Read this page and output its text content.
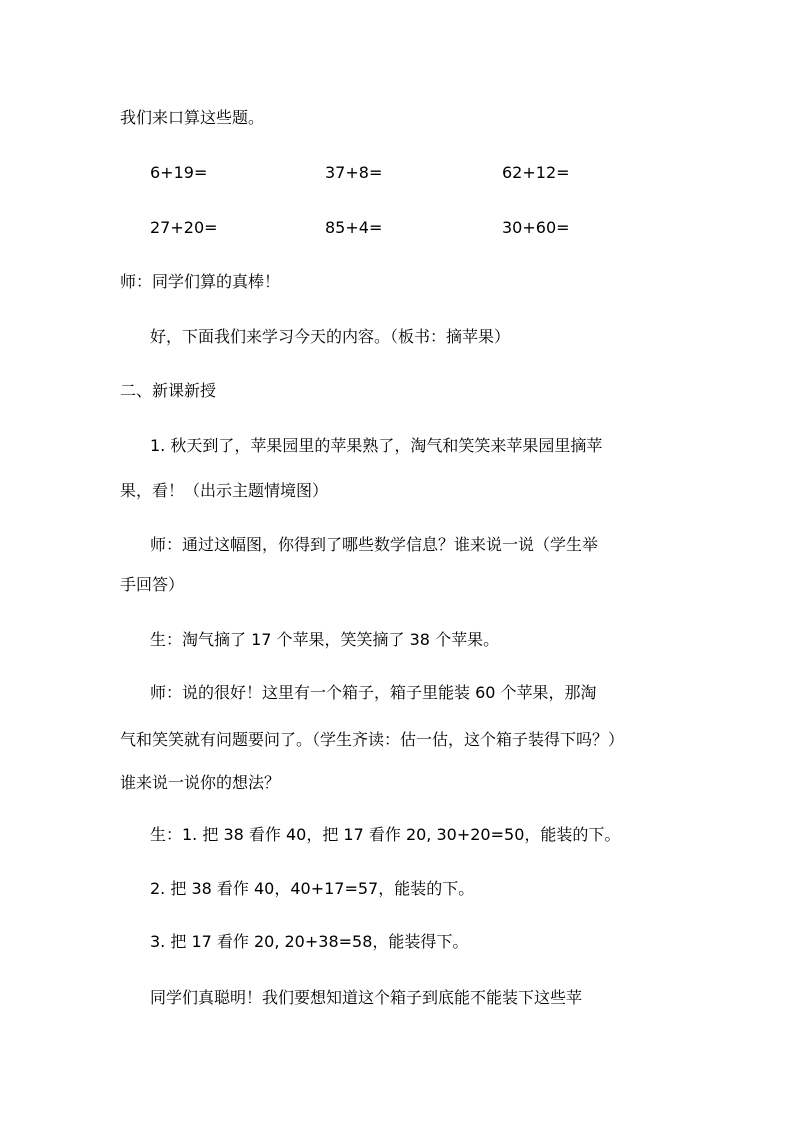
我们来口算这些题。
6+19=	37+8=	62+12=
27+20=	85+4=	30+60=
师：同学们算的真棒！
好，下面我们来学习今天的内容。（板书：摘苹果）
二、新课新授
1. 秋天到了，苹果园里的苹果熟了，淘气和笑笑来苹果园里摘苹
果，看！（出示主题情境图）
师：通过这幅图，你得到了哪些数学信息？谁来说一说（学生举
手回答）
生：淘气摘了 17 个苹果，笑笑摘了 38 个苹果。
师：说的很好！这里有一个箱子，箱子里能装 60 个苹果，那淘
气和笑笑就有问题要问了。（学生齐读：估一估，这个箱子装得下吗？）
谁来说一说你的想法？
生：1. 把 38 看作 40，把 17 看作 20, 30+20=50，能装的下。
2. 把 38 看作 40，40+17=57，能装的下。
3. 把 17 看作 20, 20+38=58，能装得下。
同学们真聪明！我们要想知道这个箱子到底能不能装下这些苹
